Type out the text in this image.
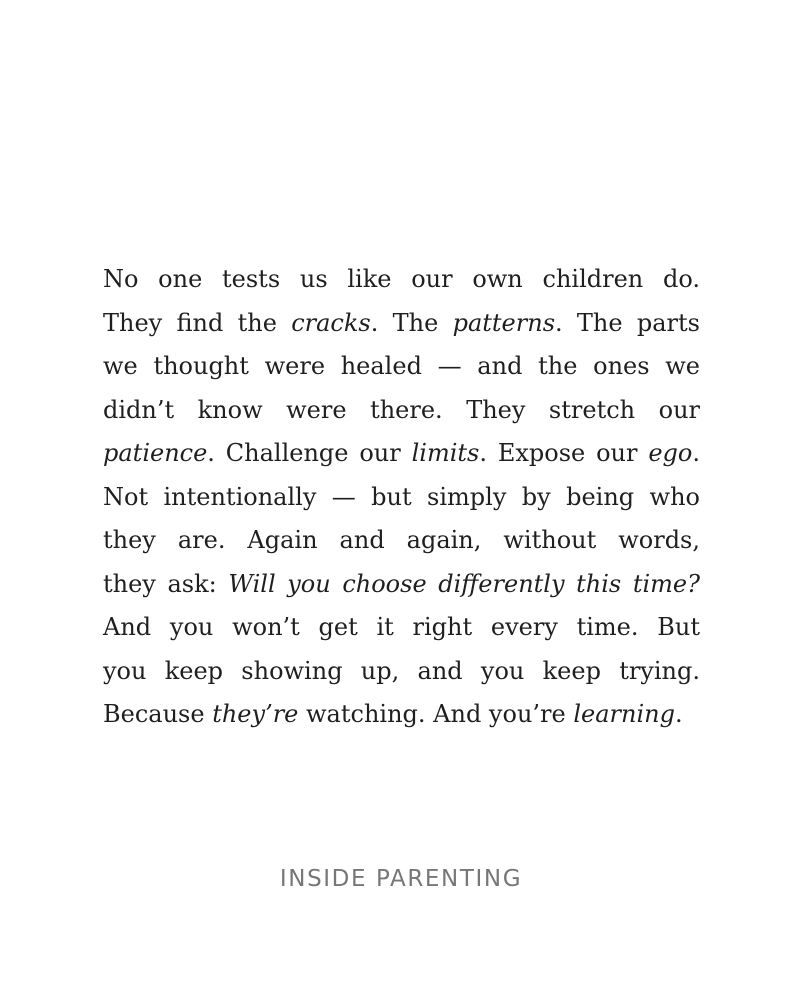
No one tests us like our own children do.
They find the cracks. The patterns. The parts
we thought were healed — and the ones we
didn’t know were there. They stretch our
patience. Challenge our limits. Expose our ego.
Not intentionally — but simply by being who
they are. Again and again, without words,
they ask: Will you choose differently this time?
And you won’t get it right every time. But
you keep showing up, and you keep trying.
Because they’re watching. And you’re learning.
INSIDE PARENTING
